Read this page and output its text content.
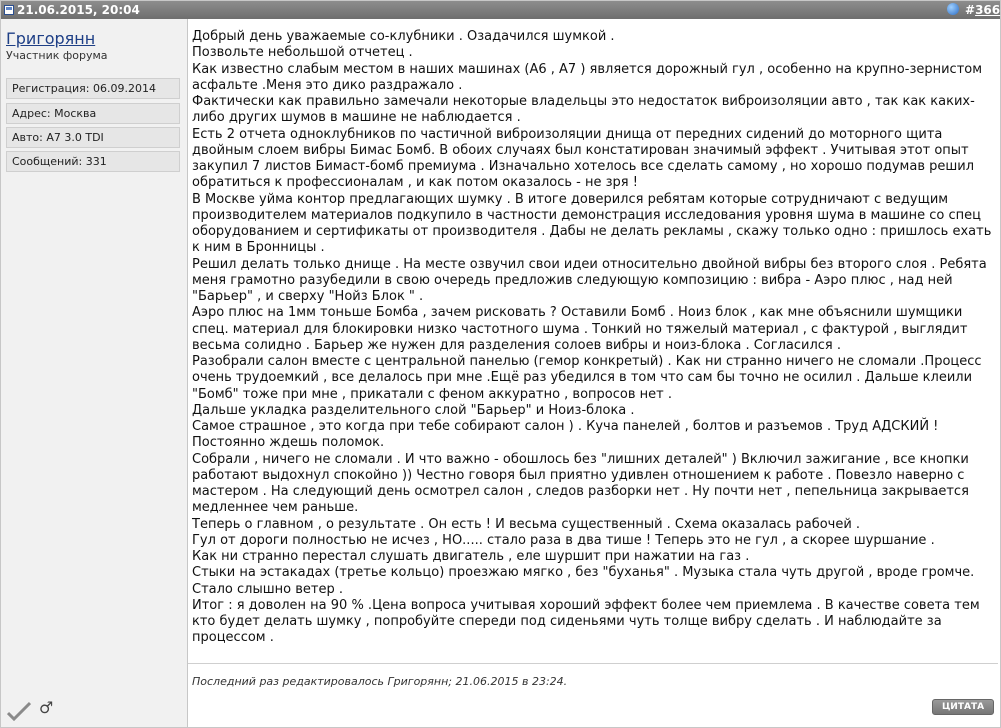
21.06.2015, 20:04	#366
Григорянн
Участник форума
Регистрация: 06.09.2014
Адрес: Москва
Авто: A7 3.0 TDI
Сообщений: 331
♂

Добрый день уважаемые со-клубники . Озадачился шумкой .

Позвольте небольшой отчетец .

Как известно слабым местом в наших машинах (А6 , А7 ) является дорожный гул , особенно на крупно-зернистом асфальте .Меня это дико раздражало .

Фактически как правильно замечали некоторые владельцы это недостаток виброизоляции авто , так как каких-либо других шумов в машине не наблюдается .

Есть 2 отчета одноклубников по частичной виброизоляции днища от передних сидений до моторного щита двойным слоем вибры Бимас Бомб. В обоих случаях был констатирован значимый эффект . Учитывая этот опыт закупил 7 листов Бимаст-бомб премиума . Изначально хотелось все сделать самому , но хорошо подумав решил обратиться к профессионалам , и как потом оказалось - не зря !

В Москве уйма контор предлагающих шумку . В итоге доверился ребятам которые сотрудничают с ведущим производителем материалов подкупило в частности демонстрация исследования уровня шума в машине со спец оборудованием и сертификаты от производителя . Дабы не делать рекламы , скажу только одно : пришлось ехать к ним в Бронницы .

Решил делать только днище . На месте озвучил свои идеи относительно двойной вибры без второго слоя . Ребята меня грамотно разубедили в свою очередь предложив следующую композицию : вибра - Аэро плюс , над ней "Барьер" , и сверху "Нойз Блок " .

Аэро плюс на 1мм тоньше Бомба , зачем рисковать ? Оставили Бомб . Ноиз блок , как мне объяснили шумщики спец. материал для блокировки низко частотного шума . Тонкий но тяжелый материал , с фактурой , выглядит весьма солидно . Барьер же нужен для разделения солоев вибры и ноиз-блока . Согласился .

Разобрали салон вместе с центральной панелью (гемор конкретый) . Как ни странно ничего не сломали .Процесс очень трудоемкий , все делалось при мне .Ещё раз убедился в том что сам бы точно не осилил . Дальше клеили "Бомб" тоже при мне , прикатали с феном аккуратно , вопросов нет .

Дальше укладка разделительного слой "Барьер" и Ноиз-блока .

Самое страшное , это когда при тебе собирают салон ) . Куча панелей , болтов и разъемов . Труд АДСКИЙ ! Постоянно ждешь поломок.

Собрали , ничего не сломали . И что важно - обошлось без "лишних деталей" ) Включил зажигание , все кнопки работают выдохнул спокойно )) Честно говоря был приятно удивлен отношением к работе . Повезло наверно с мастером . На следующий день осмотрел салон , следов разборки нет . Ну почти нет , пепельница закрывается медленнее чем раньше.

Теперь о главном , о результате . Он есть ! И весьма существенный . Схема оказалась рабочей .

Гул от дороги полностью не исчез , НО..... стало раза в два тише ! Теперь это не гул , а скорее шуршание .

Как ни странно перестал слушать двигатель , еле шуршит при нажатии на газ .

Стыки на эстакадах (третье кольцо) проезжаю мягко , без "буханья" . Музыка стала чуть другой , вроде громче. Стало слышно ветер .

Итог : я доволен на 90 % .Цена вопроса учитывая хороший эффект более чем приемлема . В качестве совета тем кто будет делать шумку , попробуйте спереди под сиденьями чуть толще вибру сделать . И наблюдайте за процессом .

Последний раз редактировалось Григорянн; 21.06.2015 в 23:24.
ЦИТАТА
